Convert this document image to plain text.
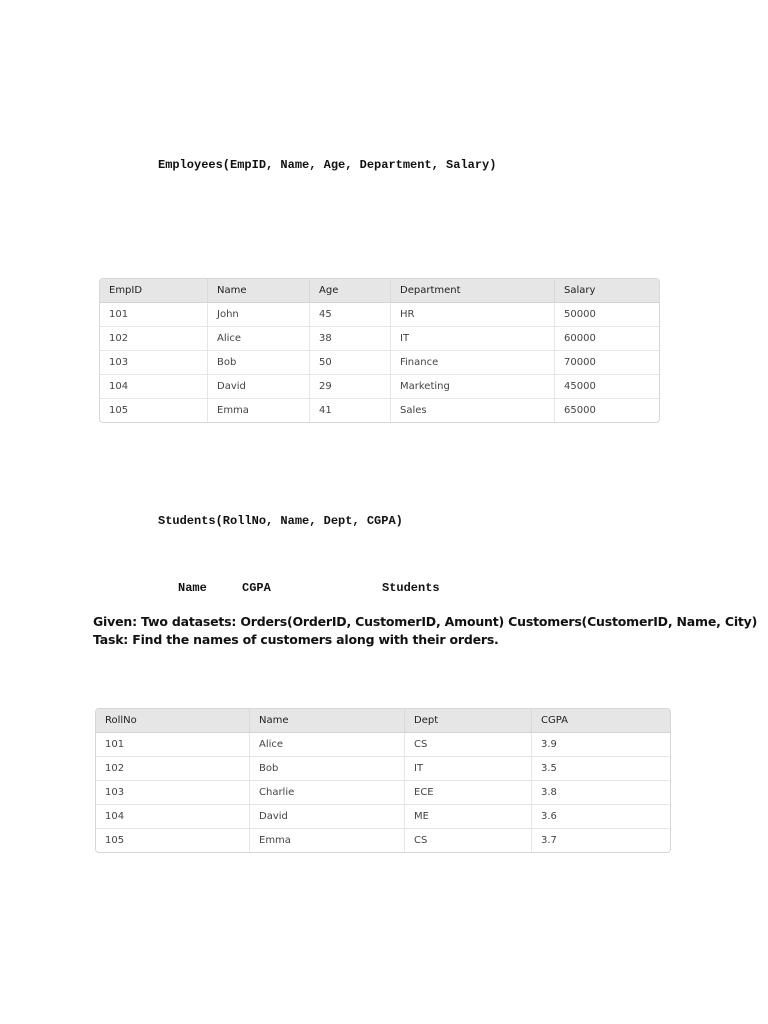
Employees(EmpID, Name, Age, Department, Salary)
EmpID	Name	Age	Department	Salary
101	John	45	HR	50000
102	Alice	38	IT	60000
103	Bob	50	Finance	70000
104	David	29	Marketing	45000
105	Emma	41	Sales	65000
Students(RollNo, Name, Dept, CGPA)
Name	CGPA	Students
Given: Two datasets: Orders(OrderID, CustomerID, Amount) Customers(CustomerID, Name, City)
Task: Find the names of customers along with their orders.
RollNo	Name	Dept	CGPA
101	Alice	CS	3.9
102	Bob	IT	3.5
103	Charlie	ECE	3.8
104	David	ME	3.6
105	Emma	CS	3.7
